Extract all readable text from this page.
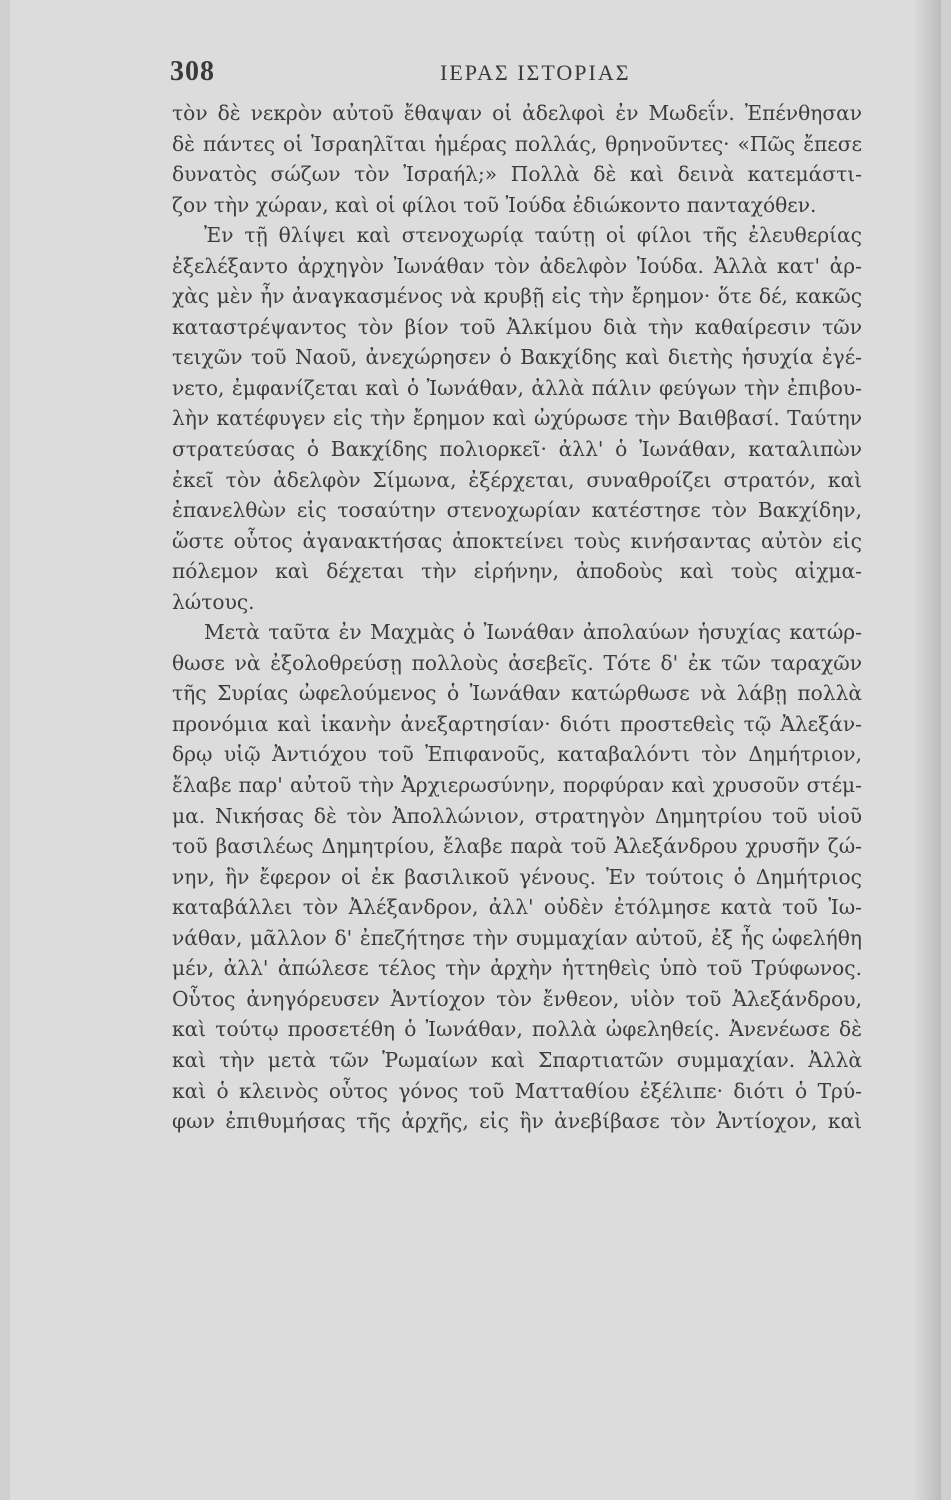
308	ΙΕΡΑΣ ΙΣΤΟΡΙΑΣ
τὸν δὲ νεκρὸν αὐτοῦ ἔθαψαν οἱ ἀδελφοὶ ἐν Μωδεΐν. Ἐπένθησαν
δὲ πάντες οἱ Ἰσραηλῖται ἡμέρας πολλάς, θρηνοῦντες· «Πῶς ἔπεσε
δυνατὸς σώζων τὸν Ἰσραήλ;» Πολλὰ δὲ καὶ δεινὰ κατεμάστι-
ζον τὴν χώραν, καὶ οἱ φίλοι τοῦ Ἰούδα ἐδιώκοντο πανταχόθεν.
Ἐν τῇ θλίψει καὶ στενοχωρίᾳ ταύτῃ οἱ φίλοι τῆς ἐλευθερίας
ἐξελέξαντο ἀρχηγὸν Ἰωνάθαν τὸν ἀδελφὸν Ἰούδα. Ἀλλὰ κατ' ἀρ-
χὰς μὲν ἦν ἀναγκασμένος νὰ κρυβῇ εἰς τὴν ἔρημον· ὅτε δέ, κακῶς
καταστρέψαντος τὸν βίον τοῦ Ἀλκίμου διὰ τὴν καθαίρεσιν τῶν
τειχῶν τοῦ Ναοῦ, ἀνεχώρησεν ὁ Βακχίδης καὶ διετὴς ἡσυχία ἐγέ-
νετο, ἐμφανίζεται καὶ ὁ Ἰωνάθαν, ἀλλὰ πάλιν φεύγων τὴν ἐπιβου-
λὴν κατέφυγεν εἰς τὴν ἔρημον καὶ ὠχύρωσε τὴν Βαιθβασί. Ταύτην
στρατεύσας ὁ Βακχίδης πολιορκεῖ· ἀλλ' ὁ Ἰωνάθαν, καταλιπὼν
ἐκεῖ τὸν ἀδελφὸν Σίμωνα, ἐξέρχεται, συναθροίζει στρατόν, καὶ
ἐπανελθὼν εἰς τοσαύτην στενοχωρίαν κατέστησε τὸν Βακχίδην,
ὥστε οὗτος ἀγανακτήσας ἀποκτείνει τοὺς κινήσαντας αὐτὸν εἰς
πόλεμον καὶ δέχεται τὴν εἰρήνην, ἀποδοὺς καὶ τοὺς αἰχμα-
λώτους.
Μετὰ ταῦτα ἐν Μαχμὰς ὁ Ἰωνάθαν ἀπολαύων ἡσυχίας κατώρ-
θωσε νὰ ἐξολοθρεύσῃ πολλοὺς ἀσεβεῖς. Τότε δ' ἐκ τῶν ταραχῶν
τῆς Συρίας ὠφελούμενος ὁ Ἰωνάθαν κατώρθωσε νὰ λάβῃ πολλὰ
προνόμια καὶ ἱκανὴν ἀνεξαρτησίαν· διότι προστεθεὶς τῷ Ἀλεξάν-
δρῳ υἱῷ Ἀντιόχου τοῦ Ἐπιφανοῦς, καταβαλόντι τὸν Δημήτριον,
ἔλαβε παρ' αὐτοῦ τὴν Ἀρχιερωσύνην, πορφύραν καὶ χρυσοῦν στέμ-
μα. Νικήσας δὲ τὸν Ἀπολλώνιον, στρατηγὸν Δημητρίου τοῦ υἱοῦ
τοῦ βασιλέως Δημητρίου, ἔλαβε παρὰ τοῦ Ἀλεξάνδρου χρυσῆν ζώ-
νην, ἣν ἔφερον οἱ ἐκ βασιλικοῦ γένους. Ἐν τούτοις ὁ Δημήτριος
καταβάλλει τὸν Ἀλέξανδρον, ἀλλ' οὐδὲν ἐτόλμησε κατὰ τοῦ Ἰω-
νάθαν, μᾶλλον δ' ἐπεζήτησε τὴν συμμαχίαν αὐτοῦ, ἐξ ἧς ὠφελήθη
μέν, ἀλλ' ἀπώλεσε τέλος τὴν ἀρχὴν ἡττηθεὶς ὑπὸ τοῦ Τρύφωνος.
Οὗτος ἀνηγόρευσεν Ἀντίοχον τὸν ἔνθεον, υἱὸν τοῦ Ἀλεξάνδρου,
καὶ τούτῳ προσετέθη ὁ Ἰωνάθαν, πολλὰ ὠφεληθείς. Ἀνενέωσε δὲ
καὶ τὴν μετὰ τῶν Ῥωμαίων καὶ Σπαρτιατῶν συμμαχίαν. Ἀλλὰ
καὶ ὁ κλεινὸς οὗτος γόνος τοῦ Ματταθίου ἐξέλιπε· διότι ὁ Τρύ-
φων ἐπιθυμήσας τῆς ἀρχῆς, εἰς ἣν ἀνεβίβασε τὸν Ἀντίοχον, καὶ
